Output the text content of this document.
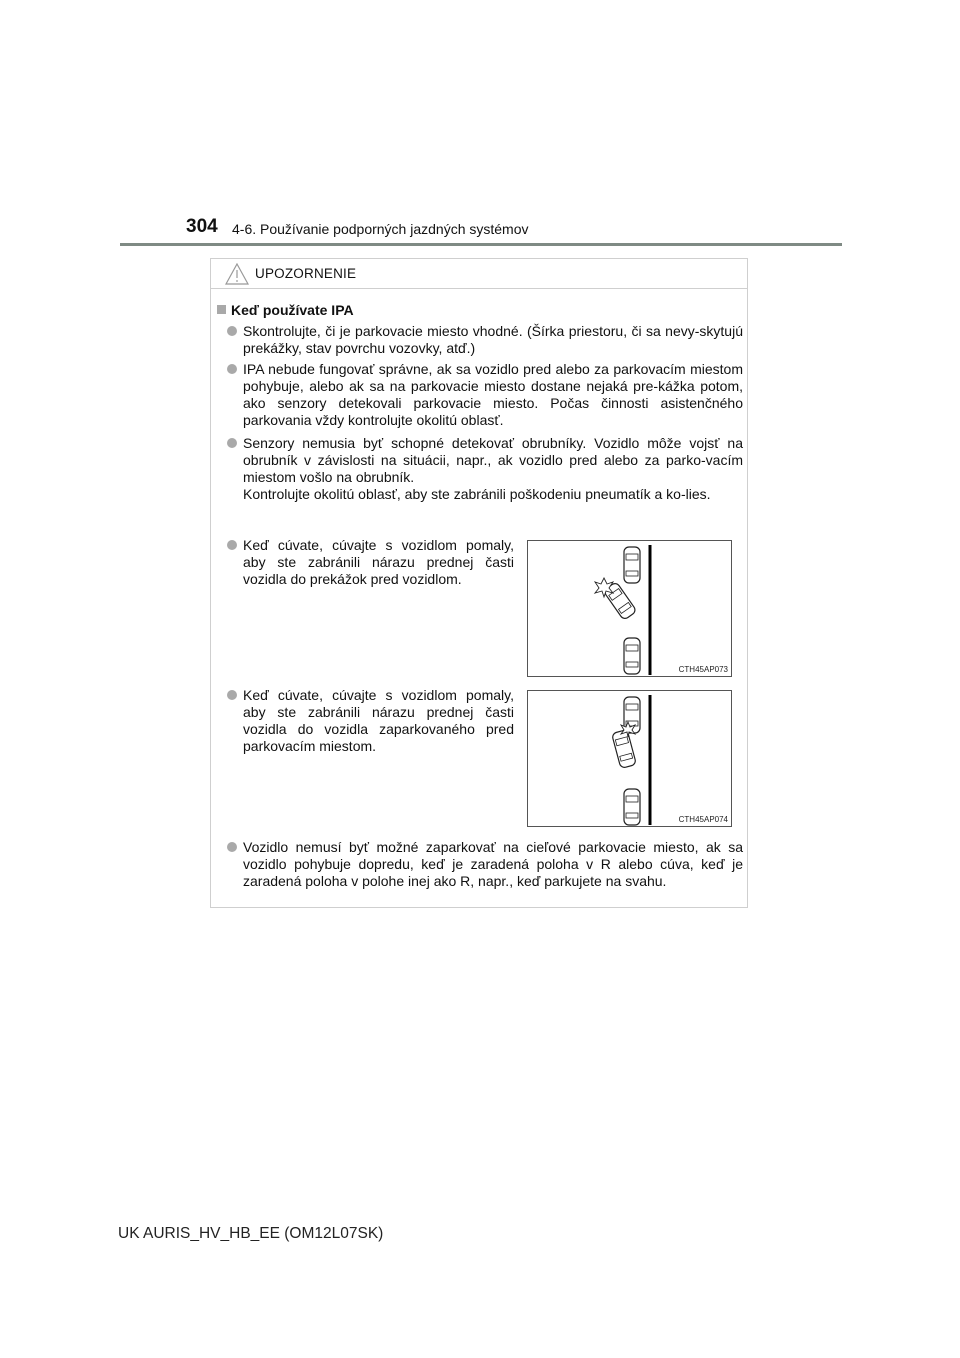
304 4-6. Používanie podporných jazdných systémov
UPOZORNENIE
Keď používate IPA

Skontrolujte, či je parkovacie miesto vhodné. (Šírka priestoru, či sa nevy-skytujú prekážky, stav povrchu vozovky, atď.)

IPA nebude fungovať správne, ak sa vozidlo pred alebo za parkovacím miestom pohybuje, alebo ak sa na parkovacie miesto dostane nejaká pre-kážka potom, ako senzory detekovali parkovacie miesto. Počas činnosti asistenčného parkovania vždy kontrolujte okolitú oblasť.

Senzory nemusia byť schopné detekovať obrubníky. Vozidlo môže vojsť na obrubník v závislosti na situácii, napr., ak vozidlo pred alebo za parko-vacím miestom vošlo na obrubník.

Kontrolujte okolitú oblasť, aby ste zabránili poškodeniu pneumatík a ko-lies.

Keď cúvate, cúvajte s vozidlom pomaly, aby ste zabránili nárazu prednej časti vozidla do prekážok pred vozidlom.

CTH45AP073

Keď cúvate, cúvajte s vozidlom pomaly, aby ste zabránili nárazu prednej časti vozidla do vozidla zaparkovaného pred parkovacím miestom.

CTH45AP074

Vozidlo nemusí byť možné zaparkovať na cieľové parkovacie miesto, ak sa vozidlo pohybuje dopredu, keď je zaradená poloha v R alebo cúva, keď je zaradená poloha v polohe inej ako R, napr., keď parkujete na svahu.

UK AURIS_HV_HB_EE (OM12L07SK)
